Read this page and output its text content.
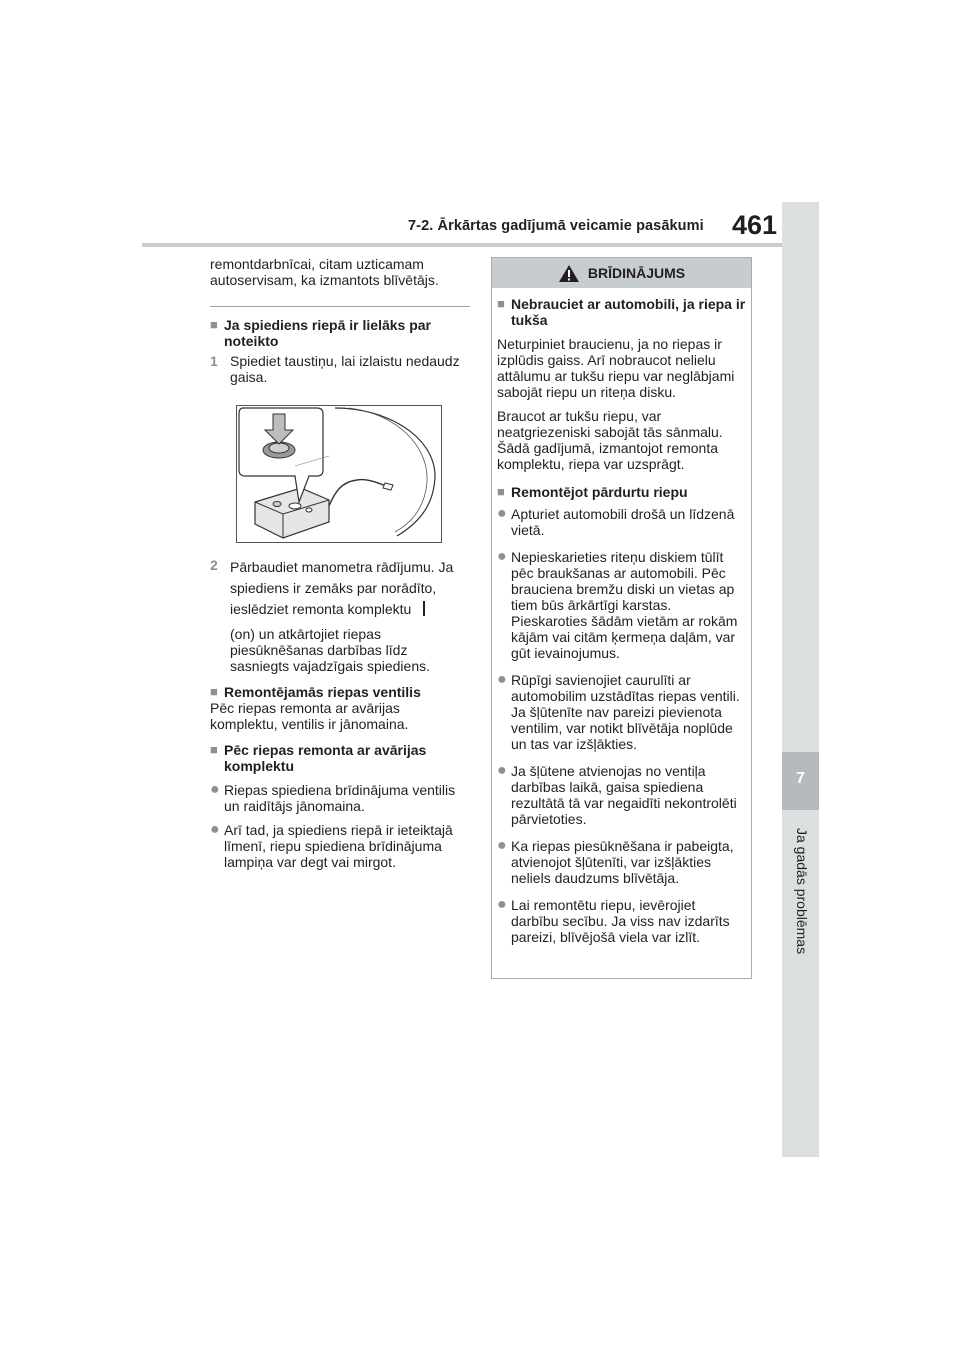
7-2. Ārkārtas gadījumā veicamie pasākumi 461
7
Ja gadās problēmas

remontdarbnīcai, citam uzticamam autoservisam, ka izmantots blīvētājs.

■ Ja spiediens riepā ir lielāks par noteikto
1 Spiediet taustiņu, lai izlaistu nedaudz gaisa.
2 Pārbaudiet manometra rādījumu. Ja spiediens ir zemāks par norādīto, ieslēdziet remonta komplektu

(on) un atkārtojiet riepas piesūknēšanas darbības līdz sasniegts vajadzīgais spiediens.

■ Remontējamās riepas ventilis

Pēc riepas remonta ar avārijas komplektu, ventilis ir jānomaina.

■ Pēc riepas remonta ar avārijas komplektu
● Riepas spiediena brīdinājuma ventilis un raidītājs jānomaina.
● Arī tad, ja spiediens riepā ir ieteiktajā līmenī, riepu spiediena brīdinājuma lampiņa var degt vai mirgot.
BRĪDINĀJUMS
■ Nebrauciet ar automobili, ja riepa ir tukša

Neturpiniet braucienu, ja no riepas ir izplūdis gaiss. Arī nobraucot nelielu attālumu ar tukšu riepu var neglābjami sabojāt riepu un riteņa disku.

Braucot ar tukšu riepu, var neatgriezeniski sabojāt tās sānmalu. Šādā gadījumā, izmantojot remonta komplektu, riepa var uzsprāgt.

■ Remontējot pārdurtu riepu
● Apturiet automobili drošā un līdzenā vietā.
● Nepieskarieties riteņu diskiem tūlīt pēc braukšanas ar automobili. Pēc brauciena bremžu diski un vietas ap tiem būs ārkārtīgi karstas. Pieskaroties šādām vietām ar rokām kājām vai citām ķermeņa daļām, var gūt ievainojumus.
● Rūpīgi savienojiet caurulīti ar automobilim uzstādītas riepas ventili. Ja šļūtenīte nav pareizi pievienota ventilim, var notikt blīvētāja noplūde un tas var izšļākties.
● Ja šļūtene atvienojas no ventiļa darbības laikā, gaisa spiediena rezultātā tā var negaidīti nekontrolēti pārvietoties.
● Ka riepas piesūknēšana ir pabeigta, atvienojot šļūtenīti, var izšļākties neliels daudzums blīvētāja.
● Lai remontētu riepu, ievērojiet darbību secību. Ja viss nav izdarīts pareizi, blīvējošā viela var izlīt.
